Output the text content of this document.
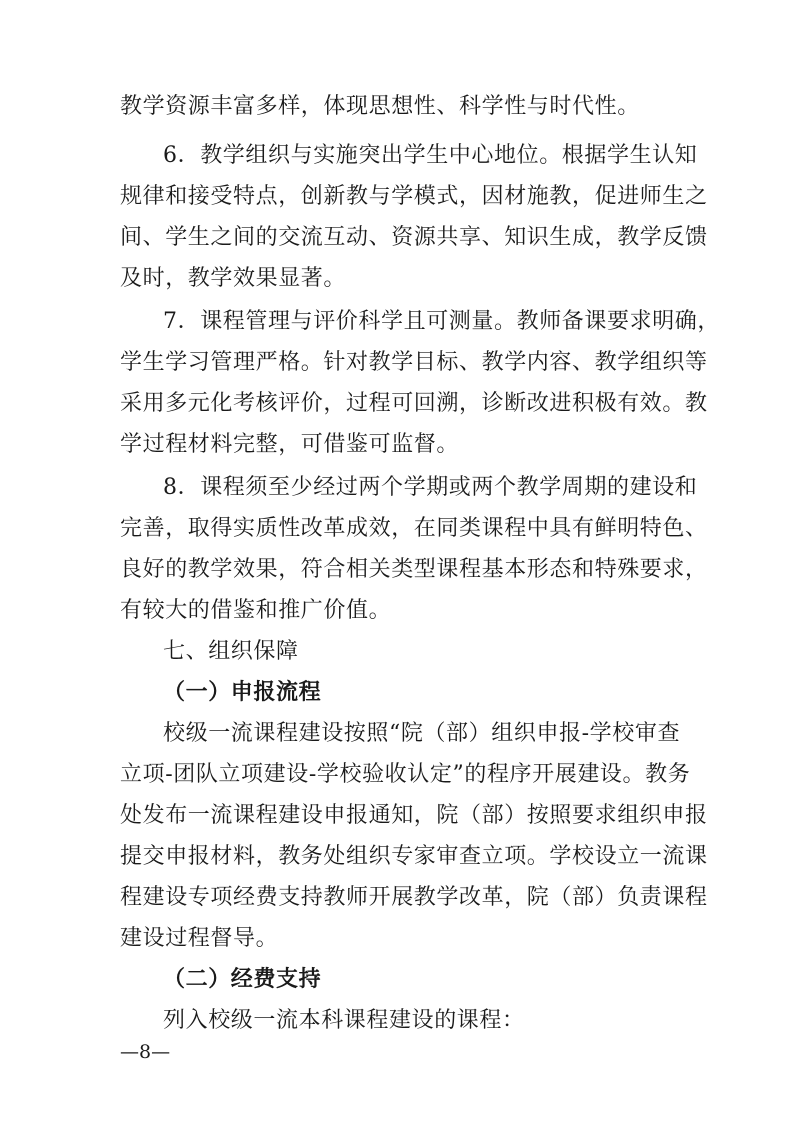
教学资源丰富多样，体现思想性、科学性与时代性。
6．教学组织与实施突出学生中心地位。根据学生认知
规律和接受特点，创新教与学模式，因材施教，促进师生之
间、学生之间的交流互动、资源共享、知识生成，教学反馈
及时，教学效果显著。
7．课程管理与评价科学且可测量。教师备课要求明确，
学生学习管理严格。针对教学目标、教学内容、教学组织等
采用多元化考核评价，过程可回溯，诊断改进积极有效。教
学过程材料完整，可借鉴可监督。
8．课程须至少经过两个学期或两个教学周期的建设和
完善，取得实质性改革成效，在同类课程中具有鲜明特色、
良好的教学效果，符合相关类型课程基本形态和特殊要求，
有较大的借鉴和推广价值。
七、组织保障
（一）申报流程
校级一流课程建设按照“院（部）组织申报-学校审查
立项-团队立项建设-学校验收认定”的程序开展建设。教务
处发布一流课程建设申报通知，院（部）按照要求组织申报
提交申报材料，教务处组织专家审查立项。学校设立一流课
程建设专项经费支持教师开展教学改革，院（部）负责课程
建设过程督导。
（二）经费支持
列入校级一流本科课程建设的课程：
—8—
